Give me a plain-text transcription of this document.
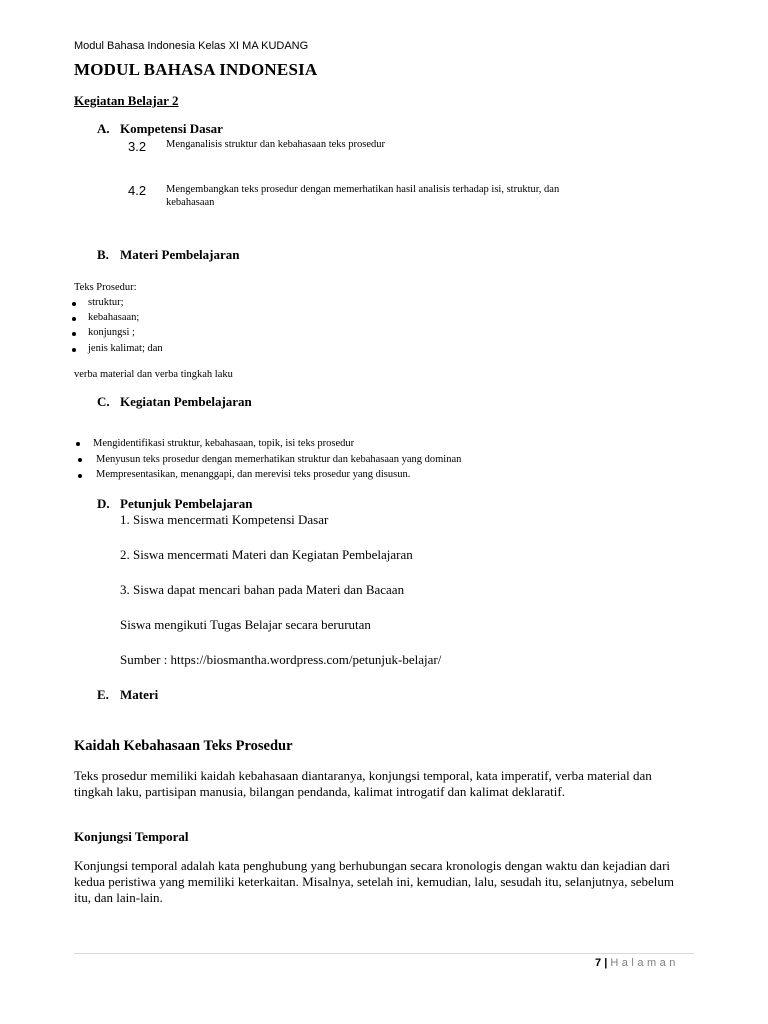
Modul Bahasa Indonesia Kelas XI MA KUDANG
MODUL BAHASA INDONESIA
Kegiatan Belajar 2
A. Kompetensi Dasar
3.2 Menganalisis struktur dan kebahasaan teks prosedur
4.2 Mengembangkan teks prosedur dengan memerhatikan hasil analisis terhadap isi, struktur, dan
kebahasaan
B. Materi Pembelajaran
Teks Prosedur:
struktur;
kebahasaan;
konjungsi ;
jenis kalimat; dan
verba material dan verba tingkah laku
C. Kegiatan Pembelajaran
Mengidentifikasi struktur, kebahasaan, topik, isi teks prosedur
Menyusun teks prosedur dengan memerhatikan struktur dan kebahasaan yang dominan
Mempresentasikan, menanggapi, dan merevisi teks prosedur yang disusun.
D. Petunjuk Pembelajaran
1. Siswa mencermati Kompetensi Dasar
2. Siswa mencermati Materi dan Kegiatan Pembelajaran
3. Siswa dapat mencari bahan pada Materi dan Bacaan
Siswa mengikuti Tugas Belajar secara berurutan
Sumber : https://biosmantha.wordpress.com/petunjuk-belajar/
E. Materi
Kaidah Kebahasaan Teks Prosedur
Teks prosedur memiliki kaidah kebahasaan diantaranya, konjungsi temporal, kata imperatif, verba material dan tingkah laku, partisipan manusia, bilangan pendanda, kalimat introgatif dan kalimat deklaratif.
Konjungsi Temporal
Konjungsi temporal adalah kata penghubung yang berhubungan secara kronologis dengan waktu dan kejadian dari kedua peristiwa yang memiliki keterkaitan. Misalnya, setelah ini, kemudian, lalu, sesudah itu, selanjutnya, sebelum itu, dan lain-lain.
7 | Halaman
